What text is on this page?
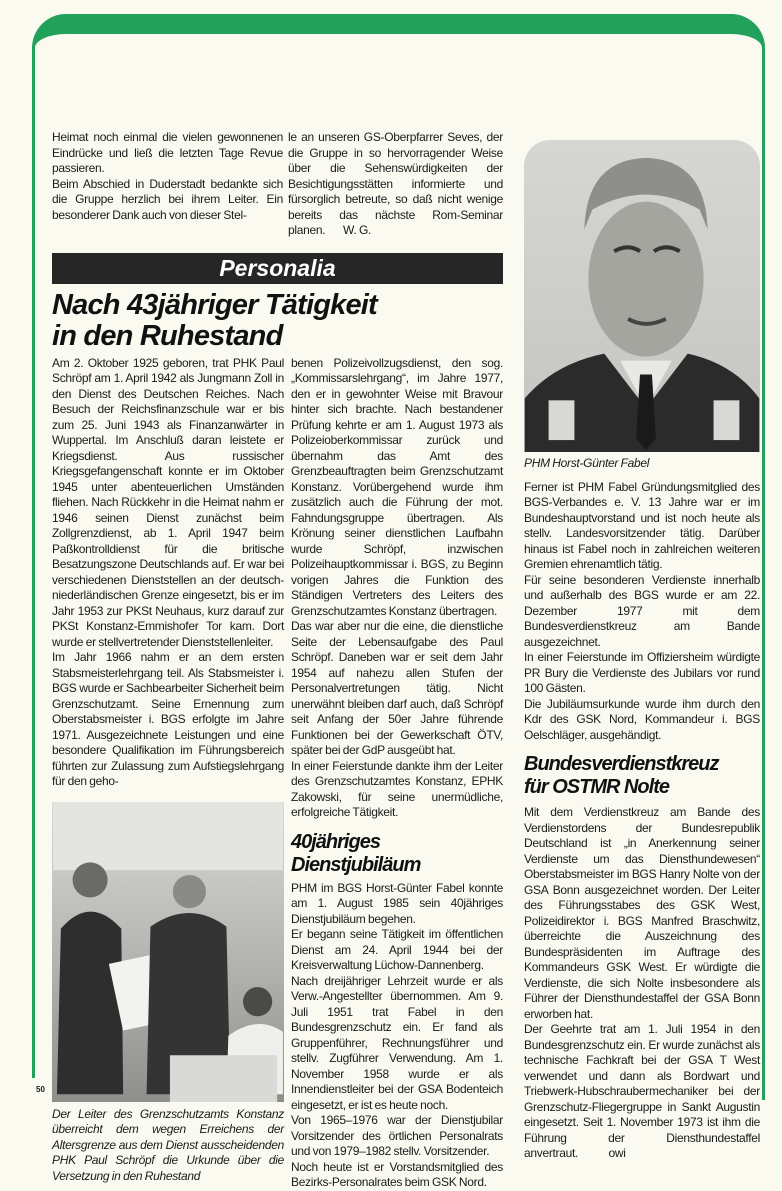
Heimat noch einmal die vielen gewonnenen Eindrücke und ließ die letzten Tage Revue passieren.

Beim Abschied in Duderstadt bedankte sich die Gruppe herzlich bei ihrem Leiter. Ein besonderer Dank auch von dieser Stel-

le an unseren GS-Oberpfarrer Seves, der die Gruppe in so hervorragender Weise über die Sehenswürdigkeiten der Besichtigungsstätten informierte und fürsorglich betreute, so daß nicht wenige bereits das nächste Rom-Seminar planen.       W. G.

Personalia
Nach 43jähriger Tätigkeit
in den Ruhestand

Am 2. Oktober 1925 geboren, trat PHK Paul Schröpf am 1. April 1942 als Jungmann Zoll in den Dienst des Deutschen Reiches. Nach Besuch der Reichsfinanzschule war er bis zum 25. Juni 1943 als Finanzanwärter in Wuppertal. Im Anschluß daran leistete er Kriegsdienst. Aus russischer Kriegsgefangenschaft konnte er im Oktober 1945 unter abenteuerlichen Umständen fliehen. Nach Rückkehr in die Heimat nahm er 1946 seinen Dienst zunächst beim Zollgrenzdienst, ab 1. April 1947 beim Paßkontrolldienst für die britische Besatzungszone Deutschlands auf. Er war bei verschiedenen Dienststellen an der deutsch-niederländischen Grenze eingesetzt, bis er im Jahr 1953 zur PKSt Neuhaus, kurz darauf zur PKSt Konstanz-Emmishofer Tor kam. Dort wurde er stellvertretender Dienststellenleiter.

Im Jahr 1966 nahm er an dem ersten Stabsmeisterlehrgang teil. Als Stabsmeister i. BGS wurde er Sachbearbeiter Sicherheit beim Grenzschutzamt. Seine Ernennung zum Oberstabsmeister i. BGS erfolgte im Jahre 1971. Ausgezeichnete Leistungen und eine besondere Qualifikation im Führungsbereich führten zur Zulassung zum Aufstiegslehrgang für den geho-

Der Leiter des Grenzschutzamts Konstanz überreicht dem wegen Erreichens der Altersgrenze aus dem Dienst ausscheidenden PHK Paul Schröpf die Urkunde über die Versetzung in den Ruhestand

benen Polizeivollzugsdienst, den sog. „Kommissarslehrgang“, im Jahre 1977, den er in gewohnter Weise mit Bravour hinter sich brachte. Nach bestandener Prüfung kehrte er am 1. August 1973 als Polizeioberkommissar zurück und übernahm das Amt des Grenzbeauftragten beim Grenzschutzamt Konstanz. Vorübergehend wurde ihm zusätzlich auch die Führung der mot. Fahndungsgruppe übertragen. Als Krönung seiner dienstlichen Laufbahn wurde Schröpf, inzwischen Polizeihauptkommissar i. BGS, zu Beginn vorigen Jahres die Funktion des Ständigen Vertreters des Leiters des Grenzschutzamtes Konstanz übertragen.

Das war aber nur die eine, die dienstliche Seite der Lebensaufgabe des Paul Schröpf. Daneben war er seit dem Jahr 1954 auf nahezu allen Stufen der Personalvertretungen tätig. Nicht unerwähnt bleiben darf auch, daß Schröpf seit Anfang der 50er Jahre führende Funktionen bei der Gewerkschaft ÖTV, später bei der GdP ausgeübt hat.

In einer Feierstunde dankte ihm der Leiter des Grenzschutzamtes Konstanz, EPHK Zakowski, für seine unermüdliche, erfolgreiche Tätigkeit.

40jähriges
Dienstjubiläum

PHM im BGS Horst-Günter Fabel konnte am 1. August 1985 sein 40jähriges Dienstjubiläum begehen.

Er begann seine Tätigkeit im öffentlichen Dienst am 24. April 1944 bei der Kreisverwaltung Lüchow-Dannenberg.

Nach dreijähriger Lehrzeit wurde er als Verw.-Angestellter übernommen. Am 9. Juli 1951 trat Fabel in den Bundesgrenzschutz ein. Er fand als Gruppenführer, Rechnungsführer und stellv. Zugführer Verwendung. Am 1. November 1958 wurde er als Innendienstleiter bei der GSA Bodenteich eingesetzt, er ist es heute noch.

Von 1965–1976 war der Dienstjubilar Vorsitzender des örtlichen Personalrats und von 1979–1982 stellv. Vorsitzender.

Noch heute ist er Vorstandsmitglied des Bezirks-Personalrates beim GSK Nord.

50
PHM Horst-Günter Fabel

Ferner ist PHM Fabel Gründungsmitglied des BGS-Verbandes e. V. 13 Jahre war er im Bundeshauptvorstand und ist noch heute als stellv. Landesvorsitzender tätig. Darüber hinaus ist Fabel noch in zahlreichen weiteren Gremien ehrenamtlich tätig.

Für seine besonderen Verdienste innerhalb und außerhalb des BGS wurde er am 22. Dezember 1977 mit dem Bundesverdienstkreuz am Bande ausgezeichnet.

In einer Feierstunde im Offiziersheim würdigte PR Bury die Verdienste des Jubilars vor rund 100 Gästen.

Die Jubiläumsurkunde wurde ihm durch den Kdr des GSK Nord, Kommandeur i. BGS Oelschläger, ausgehändigt.

Bundesverdienstkreuz
für OSTMR Nolte

Mit dem Verdienstkreuz am Bande des Verdienstordens der Bundesrepublik Deutschland ist „in Anerkennung seiner Verdienste um das Diensthundewesen“ Oberstabsmeister im BGS Hanry Nolte von der GSA Bonn ausgezeichnet worden. Der Leiter des Führungsstabes des GSK West, Polizeidirektor i. BGS Manfred Braschwitz, überreichte die Auszeichnung des Bundespräsidenten im Auftrage des Kommandeurs GSK West. Er würdigte die Verdienste, die sich Nolte insbesondere als Führer der Diensthundestaffel der GSA Bonn erworben hat.

Der Geehrte trat am 1. Juli 1954 in den Bundesgrenzschutz ein. Er wurde zunächst als technische Fachkraft bei der GSA T West verwendet und dann als Bordwart und Triebwerk-Hubschraubermechaniker bei der Grenzschutz-Fliegergruppe in Sankt Augustin eingesetzt. Seit 1. November 1973 ist ihm die Führung der Diensthundestaffel anvertraut.            owi
